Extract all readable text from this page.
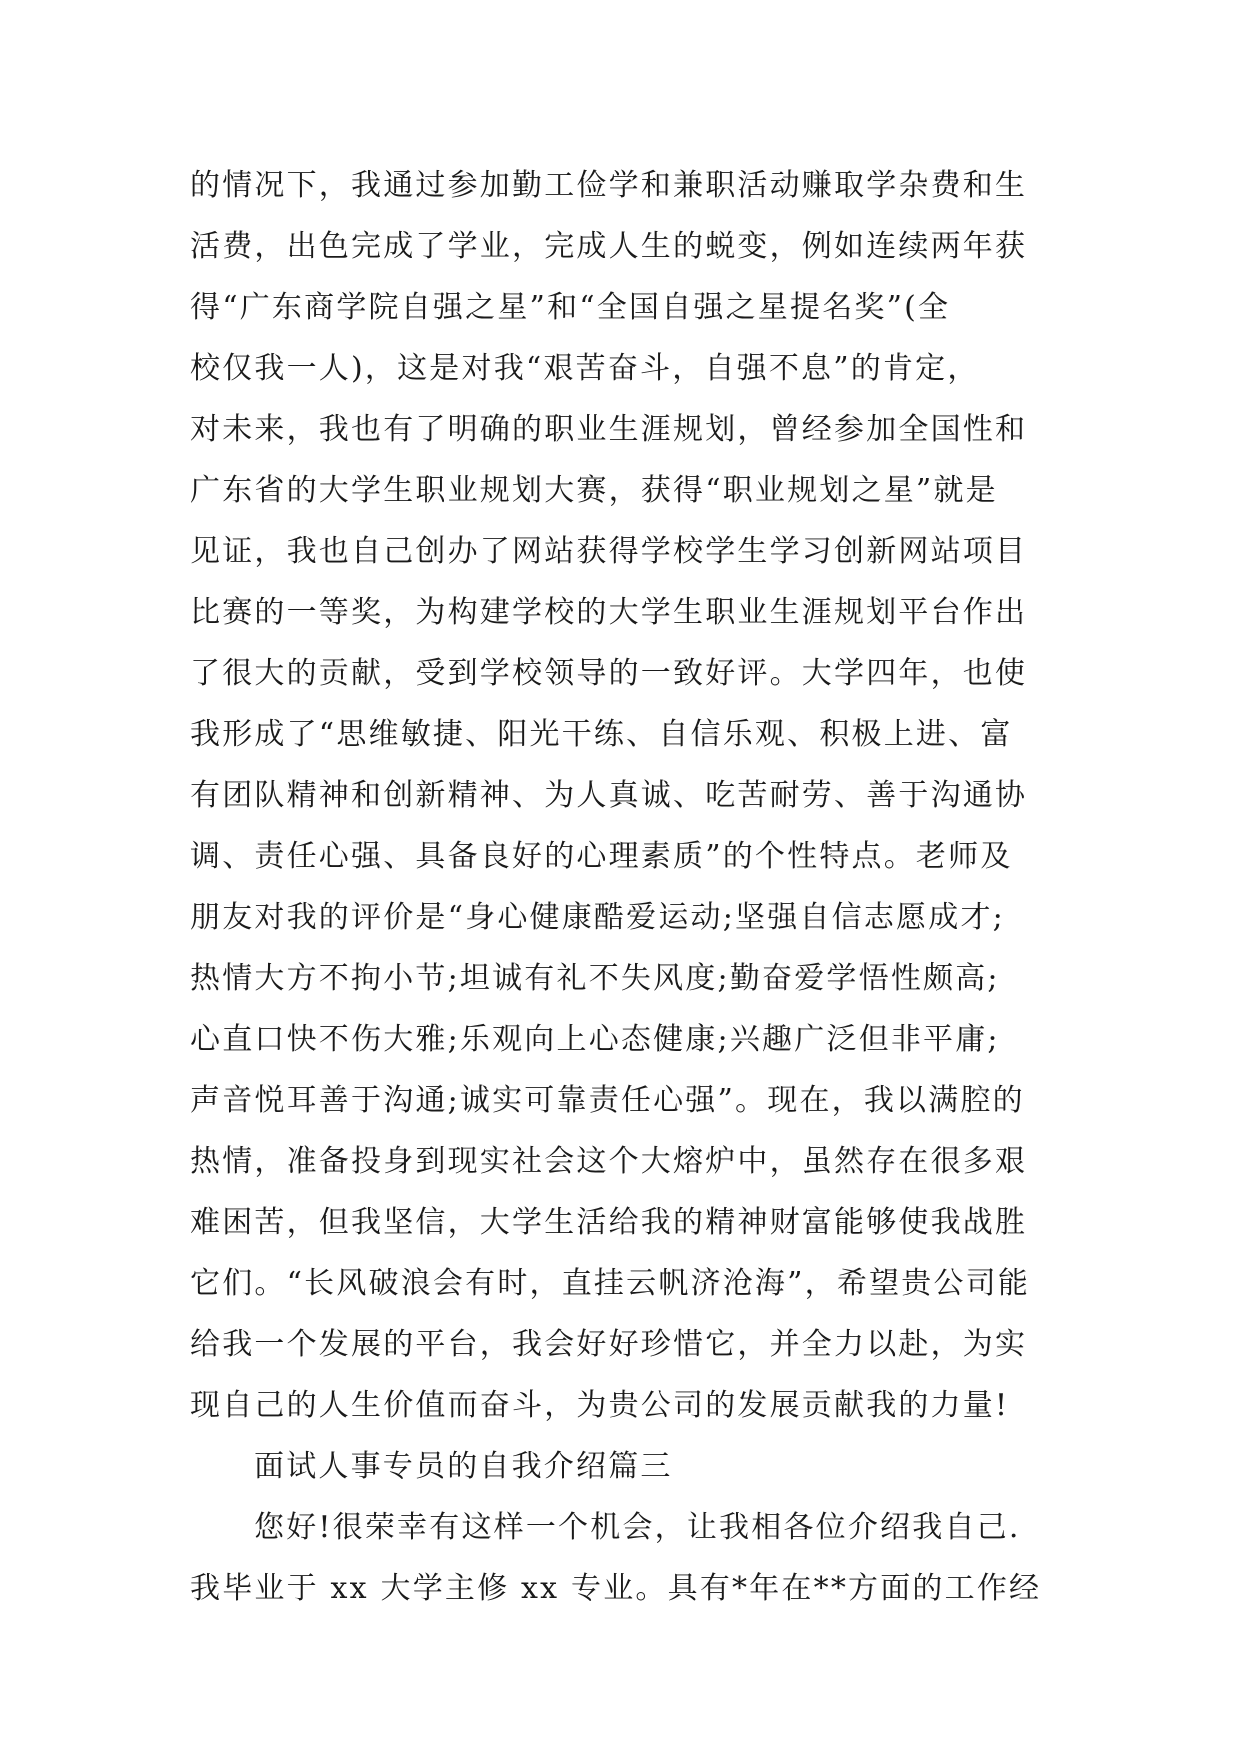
的情况下，我通过参加勤工俭学和兼职活动赚取学杂费和生
活费，出色完成了学业，完成人生的蜕变，例如连续两年获
得“广东商学院自强之星”和“全国自强之星提名奖”(全
校仅我一人)，这是对我“艰苦奋斗，自强不息”的肯定，
对未来，我也有了明确的职业生涯规划，曾经参加全国性和
广东省的大学生职业规划大赛，获得“职业规划之星”就是
见证，我也自己创办了网站获得学校学生学习创新网站项目
比赛的一等奖，为构建学校的大学生职业生涯规划平台作出
了很大的贡献，受到学校领导的一致好评。大学四年，也使
我形成了“思维敏捷、阳光干练、自信乐观、积极上进、富
有团队精神和创新精神、为人真诚、吃苦耐劳、善于沟通协
调、责任心强、具备良好的心理素质”的个性特点。老师及
朋友对我的评价是“身心健康酷爱运动;坚强自信志愿成才;
热情大方不拘小节;坦诚有礼不失风度;勤奋爱学悟性颇高;
心直口快不伤大雅;乐观向上心态健康;兴趣广泛但非平庸;
声音悦耳善于沟通;诚实可靠责任心强”。现在，我以满腔的
热情，准备投身到现实社会这个大熔炉中，虽然存在很多艰
难困苦，但我坚信，大学生活给我的精神财富能够使我战胜
它们。“长风破浪会有时，直挂云帆济沧海”，希望贵公司能
给我一个发展的平台，我会好好珍惜它，并全力以赴，为实
现自己的人生价值而奋斗，为贵公司的发展贡献我的力量!
面试人事专员的自我介绍篇三
您好!很荣幸有这样一个机会，让我相各位介绍我自己.
我毕业于 xx 大学主修 xx 专业。具有*年在**方面的工作经
